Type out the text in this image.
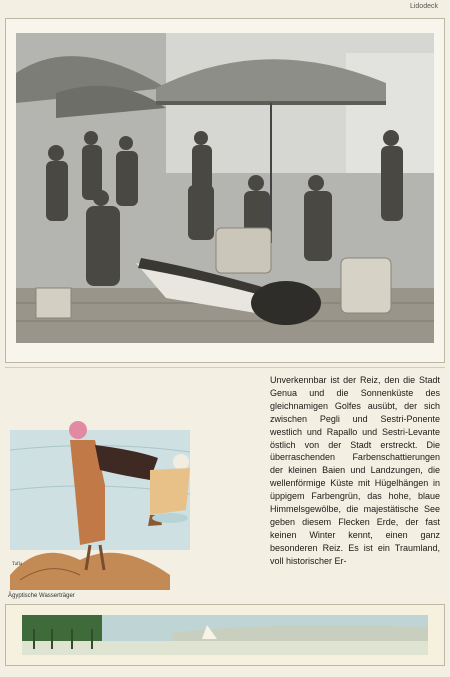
Lidodeck
Tafla
Ägyptische Wasserträger

Unverkennbar ist der Reiz, den die Stadt Genua und die Sonnenküste des gleichnamigen Golfes ausübt, der sich zwischen Pegli und Sestri-Ponente westlich und Rapallo und Sestri-Levante östlich von der Stadt erstreckt. Die überraschenden Farbenschattierungen der kleinen Baien und Landzungen, die wellenförmige Küste mit Hügelhängen in üppigem Farbengrün, das hohe, blaue Himmelsgewölbe, die majestätische See geben diesem Flecken Erde, der fast keinen Winter kennt, einen ganz besonderen Reiz. Es ist ein Traumland, voll historischer Er-
